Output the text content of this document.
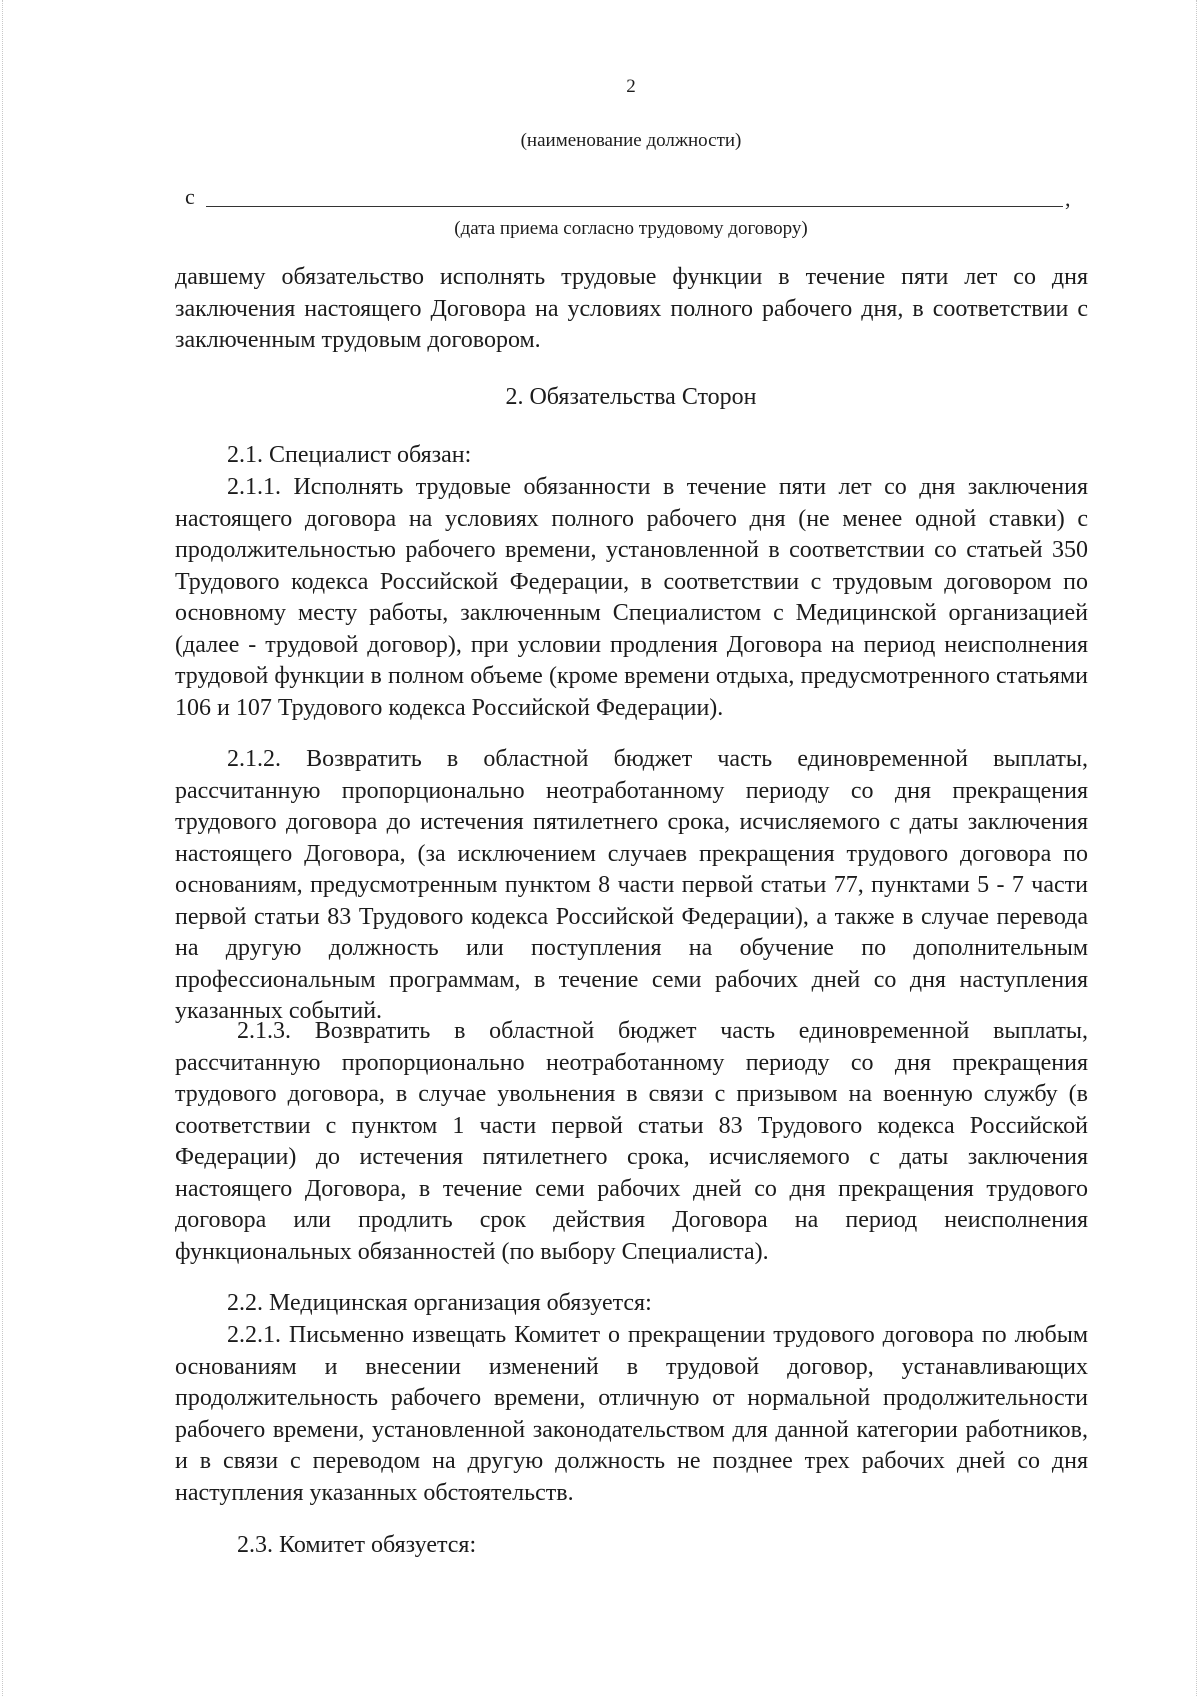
2
(наименование должности)
с	,
(дата приема согласно трудовому договору)

давшему обязательство исполнять трудовые функции в течение пяти лет со дня заключения настоящего Договора на условиях полного рабочего дня, в соответствии с заключенным трудовым договором.

2. Обязательства Сторон

2.1. Специалист обязан:

2.1.1. Исполнять трудовые обязанности в течение пяти лет со дня заключения настоящего договора на условиях полного рабочего дня (не менее одной ставки) с продолжительностью рабочего времени, установленной в соответствии со статьей 350 Трудового кодекса Российской Федерации, в соответствии с трудовым договором по основному месту работы, заключенным Специалистом с Медицинской организацией (далее - трудовой договор), при условии продления Договора на период неисполнения трудовой функции в полном объеме (кроме времени отдыха, предусмотренного статьями 106 и 107 Трудового кодекса Российской Федерации).

2.1.2. Возвратить в областной бюджет часть единовременной выплаты, рассчитанную пропорционально неотработанному периоду со дня прекращения трудового договора до истечения пятилетнего срока, исчисляемого с даты заключения настоящего Договора, (за исключением случаев прекращения трудового договора по основаниям, предусмотренным пунктом 8 части первой статьи 77, пунктами 5 - 7 части первой статьи 83 Трудового кодекса Российской Федерации), а также в случае перевода на другую должность или поступления на обучение по дополнительным профессиональным программам, в течение семи рабочих дней со дня наступления указанных событий.

2.1.3. Возвратить в областной бюджет часть единовременной выплаты, рассчитанную пропорционально неотработанному периоду со дня прекращения трудового договора, в случае увольнения в связи с призывом на военную службу (в соответствии с пунктом 1 части первой статьи 83 Трудового кодекса Российской Федерации) до истечения пятилетнего срока, исчисляемого с даты заключения настоящего Договора, в течение семи рабочих дней со дня прекращения трудового договора или продлить срок действия Договора на период неисполнения функциональных обязанностей (по выбору Специалиста).

2.2. Медицинская организация обязуется:

2.2.1. Письменно извещать Комитет о прекращении трудового договора по любым основаниям и внесении изменений в трудовой договор, устанавливающих продолжительность рабочего времени, отличную от нормальной продолжительности рабочего времени, установленной законодательством для данной категории работников, и в связи с переводом на другую должность не позднее трех рабочих дней со дня наступления указанных обстоятельств.

2.3. Комитет обязуется:
